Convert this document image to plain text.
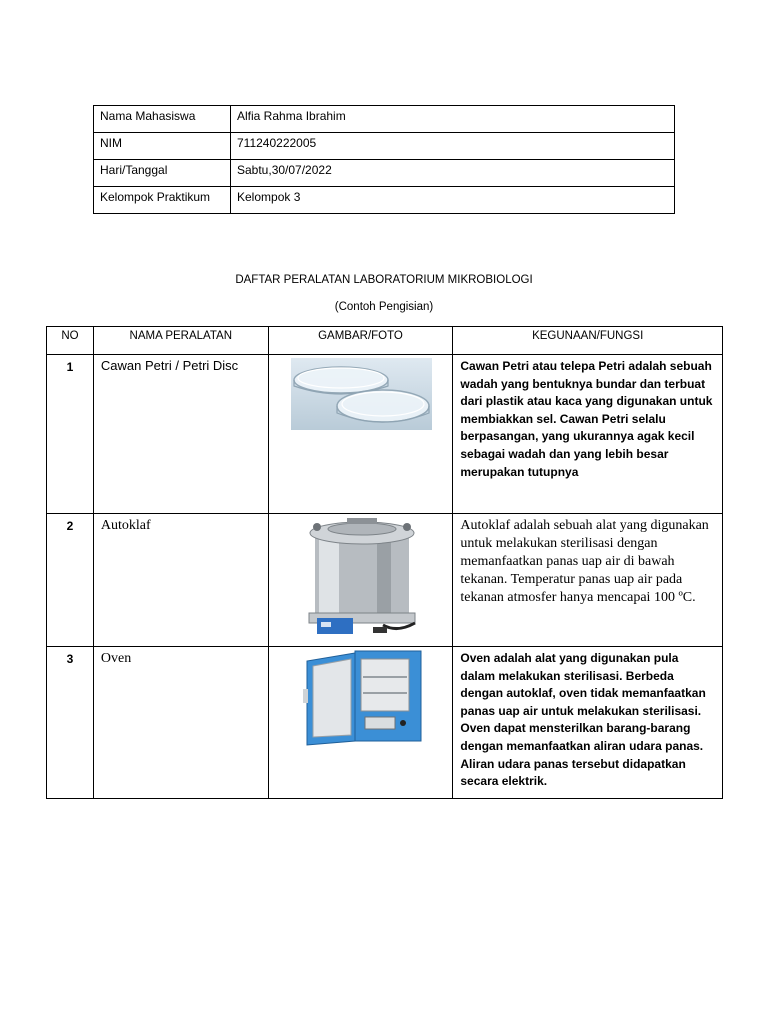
Nama Mahasiswa	Alfia Rahma Ibrahim
NIM	711240222005
Hari/Tanggal	Sabtu,30/07/2022
Kelompok Praktikum	Kelompok 3
DAFTAR PERALATAN LABORATORIUM MIKROBIOLOGI
(Contoh Pengisian)
NO	NAMA PERALATAN	GAMBAR/FOTO	KEGUNAAN/FUNGSI
1	Cawan Petri / Petri Disc		Cawan Petri atau telepa Petri adalah sebuah wadah yang bentuknya bundar dan terbuat dari plastik atau kaca yang digunakan untuk membiakkan sel. Cawan Petri selalu berpasangan, yang ukurannya agak kecil sebagai wadah dan yang lebih besar merupakan tutupnya
2	Autoklaf		Autoklaf adalah sebuah alat yang digunakan untuk melakukan sterilisasi dengan memanfaatkan panas uap air di bawah tekanan. Temperatur panas uap air pada tekanan atmosfer hanya mencapai 100 ºC.
3	Oven		Oven adalah alat yang digunakan pula dalam melakukan sterilisasi. Berbeda dengan autoklaf, oven tidak memanfaatkan panas uap air untuk melakukan sterilisasi. Oven dapat mensterilkan barang-barang dengan memanfaatkan aliran udara panas. Aliran udara panas tersebut didapatkan secara elektrik.
